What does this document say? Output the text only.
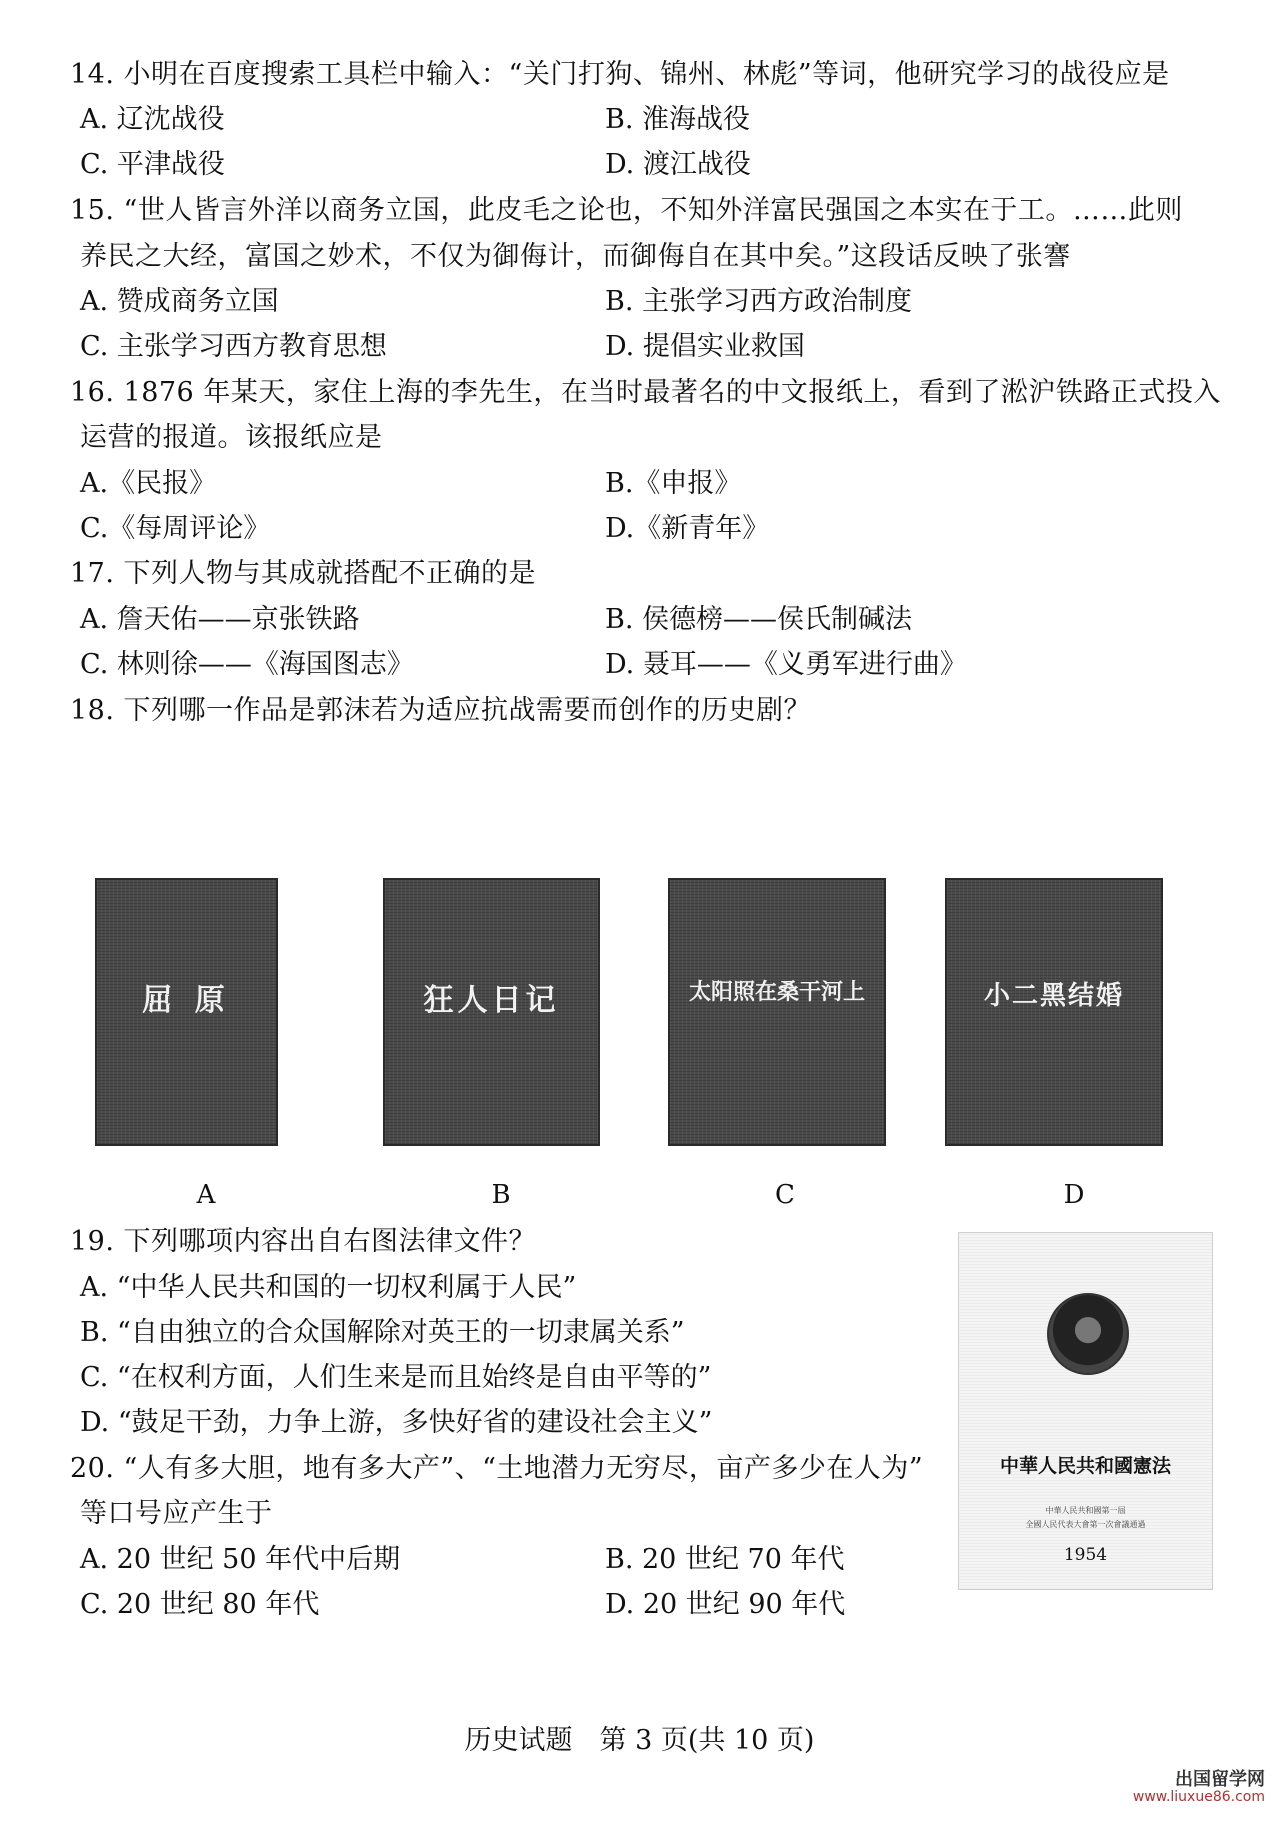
14. 小明在百度搜索工具栏中输入：“关门打狗、锦州、林彪”等词，他研究学习的战役应是
A. 辽沈战役	B. 淮海战役
C. 平津战役	D. 渡江战役
15. “世人皆言外洋以商务立国，此皮毛之论也，不知外洋富民强国之本实在于工。……此则
养民之大经，富国之妙术，不仅为御侮计，而御侮自在其中矣。”这段话反映了张謇
A. 赞成商务立国	B. 主张学习西方政治制度
C. 主张学习西方教育思想	D. 提倡实业救国
16. 1876 年某天，家住上海的李先生，在当时最著名的中文报纸上，看到了淞沪铁路正式投入
运营的报道。该报纸应是
A.《民报》	B.《申报》
C.《每周评论》	D.《新青年》
17. 下列人物与其成就搭配不正确的是
A. 詹天佑——京张铁路	B. 侯德榜——侯氏制碱法
C. 林则徐——《海国图志》	D. 聂耳——《义勇军进行曲》
18. 下列哪一作品是郭沫若为适应抗战需要而创作的历史剧？
屈 原	狂人日记	太阳照在桑干河上	小二黑结婚
A	B	C	D
19. 下列哪项内容出自右图法律文件？
A. “中华人民共和国的一切权利属于人民”
B. “自由独立的合众国解除对英王的一切隶属关系”
C. “在权利方面，人们生来是而且始终是自由平等的”
D. “鼓足干劲，力争上游，多快好省的建设社会主义”
中華人民共和國憲法
中華人民共和國第一屆
全國人民代表大會第一次會議通過
1954
20. “人有多大胆，地有多大产”、“土地潜力无穷尽，亩产多少在人为”
等口号应产生于
A. 20 世纪 50 年代中后期	B. 20 世纪 70 年代
C. 20 世纪 80 年代	D. 20 世纪 90 年代
历史试题　第 3 页(共 10 页)
出国留学网
www.liuxue86.com
